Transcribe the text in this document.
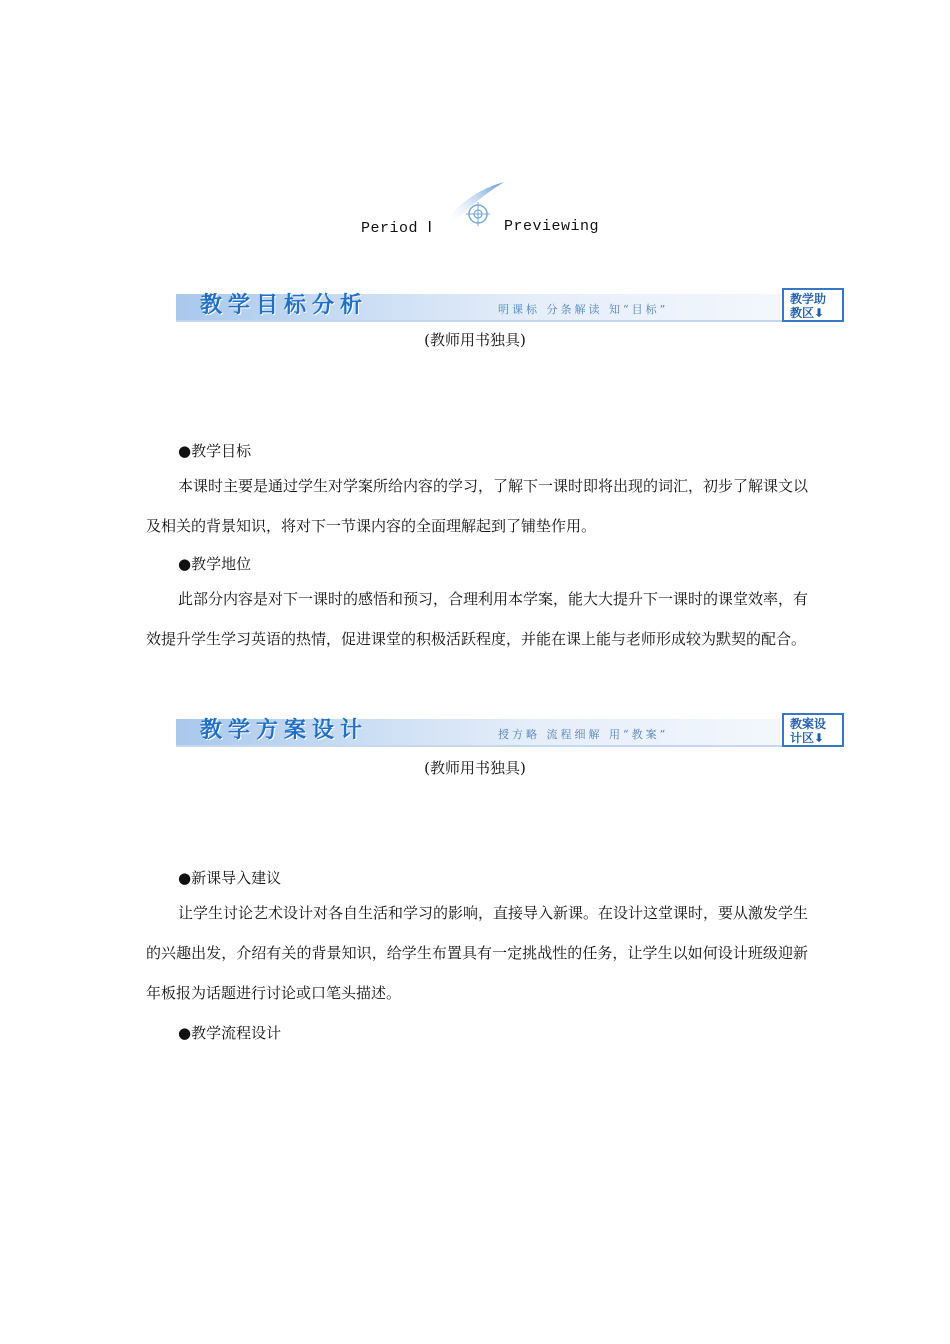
Period Ⅰ	Previewing
教学目标分析	明课标 分条解读 知“目标”
教学助
教区⬇
(教师用书独具)
●教学目标
本课时主要是通过学生对学案所给内容的学习，了解下一课时即将出现的词汇，初步了解课文以及相关的背景知识，将对下一节课内容的全面理解起到了铺垫作用。
●教学地位
此部分内容是对下一课时的感悟和预习，合理利用本学案，能大大提升下一课时的课堂效率，有效提升学生学习英语的热情，促进课堂的积极活跃程度，并能在课上能与老师形成较为默契的配合。
教学方案设计	授方略 流程细解 用“教案”
教案设
计区⬇
(教师用书独具)
●新课导入建议
让学生讨论艺术设计对各自生活和学习的影响，直接导入新课。在设计这堂课时，要从激发学生的兴趣出发，介绍有关的背景知识，给学生布置具有一定挑战性的任务，让学生以如何设计班级迎新年板报为话题进行讨论或口笔头描述。
●教学流程设计
